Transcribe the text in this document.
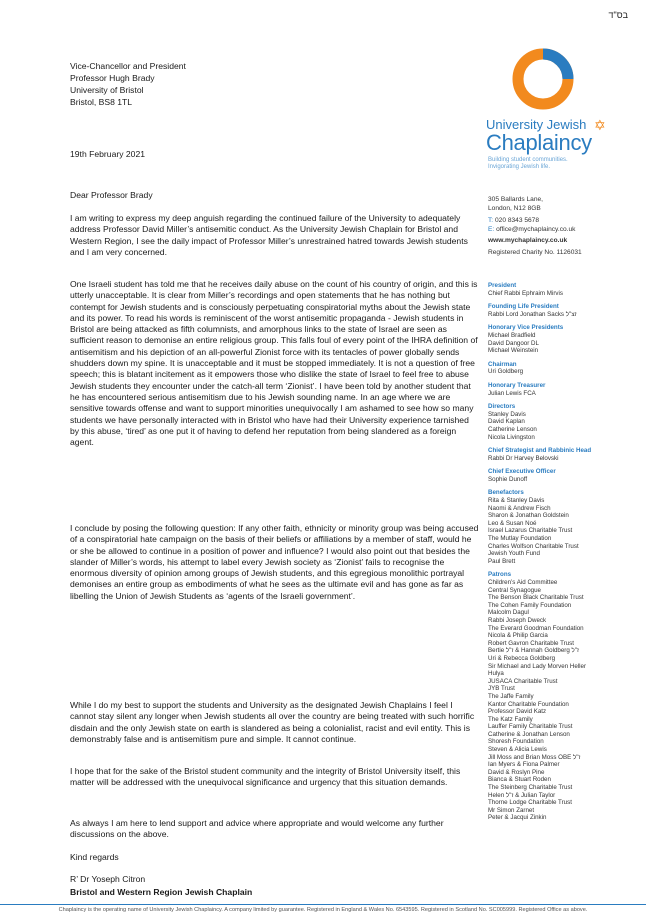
בס"ד
Vice-Chancellor and President
Professor Hugh Brady
University of Bristol
Bristol, BS8 1TL
19th February 2021
Dear Professor Brady

I am writing to express my deep anguish regarding the continued failure of the University to adequately address Professor David Miller’s antisemitic conduct. As the University Jewish Chaplain for Bristol and Western Region, I see the daily impact of Professor Miller’s unrestrained hatred towards Jewish students and I am very concerned.

One Israeli student has told me that he receives daily abuse on the count of his country of origin, and this is utterly unacceptable. It is clear from Miller’s recordings and open statements that he has nothing but contempt for Jewish students and is consciously perpetuating conspiratorial myths about the Jewish state and its power. To read his words is reminiscent of the worst antisemitic propaganda - Jewish students in Bristol are being attacked as fifth columnists, and amorphous links to the state of Israel are seen as sufficient reason to demonise an entire religious group. This falls foul of every point of the IHRA definition of antisemitism and his depiction of an all-powerful Zionist force with its tentacles of power globally sends shudders down my spine. It is unacceptable and it must be stopped immediately. It is not a question of free speech; this is blatant incitement as it empowers those who dislike the state of Israel to feel free to abuse Jewish students they encounter under the catch-all term ‘Zionist’. I have been told by another student that he has encountered serious antisemitism due to his Jewish sounding name. In an age where we are sensitive towards offense and want to support minorities unequivocally I am ashamed to see how so many students we have personally interacted with in Bristol who have had their University experience tarnished by this abuse, ‘tired’ as one put it of having to defend her reputation from being slandered as a foreign agent.

I conclude by posing the following question: If any other faith, ethnicity or minority group was being accused of a conspiratorial hate campaign on the basis of their beliefs or affiliations by a member of staff, would he or she be allowed to continue in a position of power and influence? I would also point out that besides the slander of Miller’s words, his attempt to label every Jewish society as ‘Zionist’ fails to recognise the enormous diversity of opinion among groups of Jewish students, and this egregious monolithic portrayal demonises an entire group as embodiments of what he sees as the ultimate evil and has gone as far as libelling the Union of Jewish Students as ‘agents of the Israeli government’.

While I do my best to support the students and University as the designated Jewish Chaplains I feel I cannot stay silent any longer when Jewish students all over the country are being treated with such horrific disdain and the only Jewish state on earth is slandered as being a colonialist, racist and evil entity. This is demonstrably false and is antisemitism pure and simple. It cannot continue.

I hope that for the sake of the Bristol student community and the integrity of Bristol University itself, this matter will be addressed with the unequivocal significance and urgency that this situation demands.

As always I am here to lend support and advice where appropriate and would welcome any further discussions on the above.

Kind regards
R’ Dr Yoseph Citron
Bristol and Western Region Jewish Chaplain
University Jewish ✡
Chaplaincy
Building student communities.
Invigorating Jewish life.
305 Ballards Lane,
London, N12 8GB
T: 020 8343 5678
E: office@mychaplaincy.co.uk
www.mychaplaincy.co.uk
Registered Charity No. 1126031
President
Chief Rabbi Ephraim Mirvis
Founding Life President
Rabbi Lord Jonathan Sacks זצ"ל
Honorary Vice Presidents
Michael Bradfield
David Dangoor DL
Michael Weinstein
Chairman
Uri Goldberg
Honorary Treasurer
Julian Lewis FCA
Directors
Stanley Davis
David Kaplan
Catherine Lenson
Nicola Livingston
Chief Strategist and Rabbinic Head
Rabbi Dr Harvey Belovski
Chief Executive Officer
Sophie Dunoff
Benefactors
Rita & Stanley Davis
Naomi & Andrew Fisch
Sharon & Jonathan Goldstein
Leo & Susan Noé
Israel Lazarus Charitable Trust
The Mutlay Foundation
Charles Wolfson Charitable Trust
Jewish Youth Fund
Paul Brett
Patrons
Children’s Aid Committee
Central Synagogue
The Benson Black Charitable Trust
The Cohen Family Foundation
Malcolm Dagul
Rabbi Joseph Dweck
The Everard Goodman Foundation
Nicola & Philip Garcia
Robert Gavron Charitable Trust
Bertie ז"ל & Hannah Goldberg ז"ל
Uri & Rebecca Goldberg
Sir Michael and Lady Morven Heller
Hulya
JUSACA Charitable Trust
JYB Trust
The Jaffe Family
Kantor Charitable Foundation
Professor David Katz
The Katz Family
Lauffer Family Charitable Trust
Catherine & Jonathan Lenson
Shoresh Foundation
Steven & Alicia Lewis
Jill Moss and Brian Moss OBE ז"ל
Ian Myers & Fiona Palmer
David & Roslyn Pine
Bianca & Stuart Roden
The Steinberg Charitable Trust
Helen ז"ל & Julian Taylor
Thorne Lodge Charitable Trust
Mr Simon Zarnet
Peter & Jacqui Zinkin
Chaplaincy is the operating name of University Jewish Chaplaincy. A company limited by guarantee. Registered in England & Wales No. 6543595. Registered in Scotland No. SC005999. Registered Office as above.
